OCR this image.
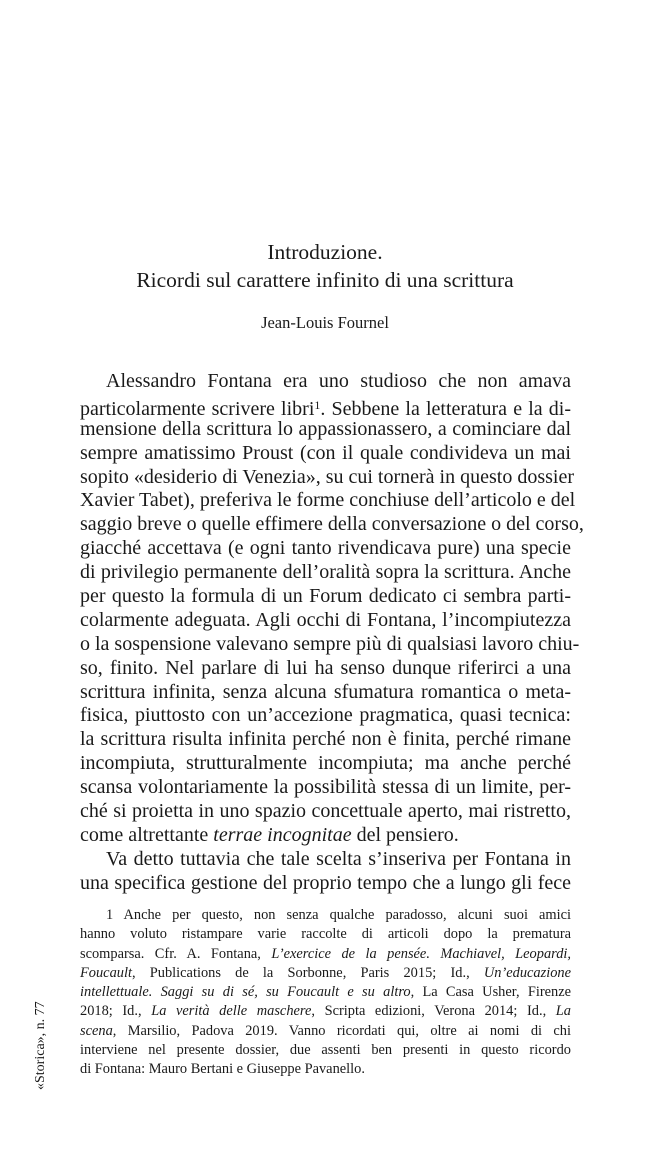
Introduzione.
Ricordi sul carattere infinito di una scrittura
Jean-Louis Fournel
Alessandro Fontana era uno studioso che non amava
particolarmente scrivere libri$^1$. Sebbene la letteratura e la di-
mensione della scrittura lo appassionassero, a cominciare dal
sempre amatissimo Proust (con il quale condivideva un mai
sopito «desiderio di Venezia», su cui tornerà in questo dossier
Xavier Tabet), preferiva le forme conchiuse dell’articolo e del
saggio breve o quelle effimere della conversazione o del corso,
giacché accettava (e ogni tanto rivendicava pure) una specie
di privilegio permanente dell’oralità sopra la scrittura. Anche
per questo la formula di un Forum dedicato ci sembra parti-
colarmente adeguata. Agli occhi di Fontana, l’incompiutezza
o la sospensione valevano sempre più di qualsiasi lavoro chiu-
so, finito. Nel parlare di lui ha senso dunque riferirci a una
scrittura infinita, senza alcuna sfumatura romantica o meta-
fisica, piuttosto con un’accezione pragmatica, quasi tecnica:
la scrittura risulta infinita perché non è finita, perché rimane
incompiuta, strutturalmente incompiuta; ma anche perché
scansa volontariamente la possibilità stessa di un limite, per-
ché si proietta in uno spazio concettuale aperto, mai ristretto,
come altrettante terrae incognitae del pensiero.
Va detto tuttavia che tale scelta s’inseriva per Fontana in
una specifica gestione del proprio tempo che a lungo gli fece
1 Anche per questo, non senza qualche paradosso, alcuni suoi amici
hanno voluto ristampare varie raccolte di articoli dopo la prematura
scomparsa. Cfr. A. Fontana, L’exercice de la pensée. Machiavel, Leopardi,
Foucault, Publications de la Sorbonne, Paris 2015; Id., Un’educazione
intellettuale. Saggi su di sé, su Foucault e su altro, La Casa Usher, Firenze
2018; Id., La verità delle maschere, Scripta edizioni, Verona 2014; Id., La
scena, Marsilio, Padova 2019. Vanno ricordati qui, oltre ai nomi di chi
interviene nel presente dossier, due assenti ben presenti in questo ricordo
di Fontana: Mauro Bertani e Giuseppe Pavanello.
«Storica», n. 77
